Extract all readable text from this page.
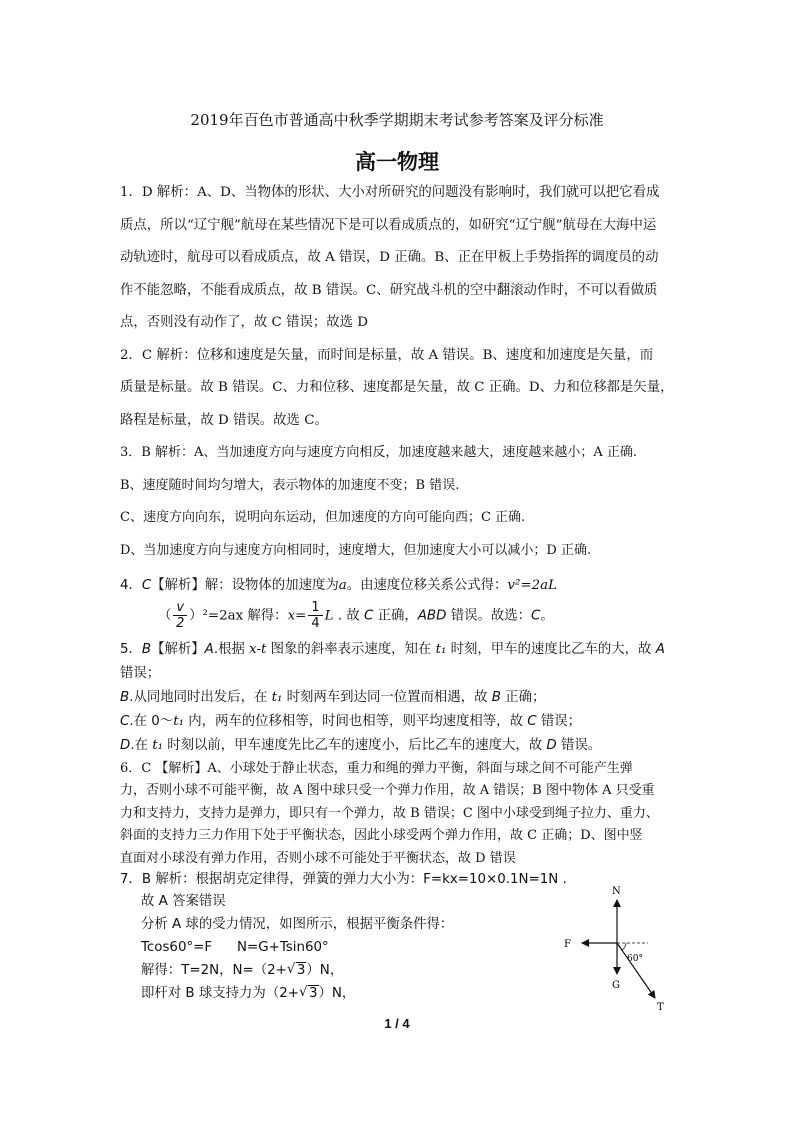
2019年百色市普通高中秋季学期期末考试参考答案及评分标准
高一物理
1．D 解析：A、D、当物体的形状、大小对所研究的问题没有影响时，我们就可以把它看成
质点，所以“辽宁舰”航母在某些情况下是可以看成质点的，如研究“辽宁舰”航母在大海中运
动轨迹时，航母可以看成质点，故 A 错误，D 正确。B、正在甲板上手势指挥的调度员的动
作不能忽略，不能看成质点，故 B 错误。C、研究战斗机的空中翻滚动作时，不可以看做质
点，否则没有动作了，故 C 错误；故选 D
2．C 解析：位移和速度是矢量，而时间是标量，故 A 错误。B、速度和加速度是矢量，而
质量是标量。故 B 错误。C、力和位移、速度都是矢量，故 C 正确。D、力和位移都是矢量，
路程是标量，故 D 错误。故选 C。
3．B 解析：A、当加速度方向与速度方向相反，加速度越来越大，速度越来越小；A 正确.
B、速度随时间均匀增大，表示物体的加速度不变；B 错误.
C、速度方向向东，说明向东运动，但加速度的方向可能向西；C 正确.
D、当加速度方向与速度方向相同时，速度增大，但加速度大小可以减小；D 正确.
4．C【解析】解：设物体的加速度为a。由速度位移关系公式得：v²=2aL
（ $\frac{v}{2} )^2=2ax$ 解得：$x= \frac{1}{4}$ L . 故 C 正确，ABD 错误。故选：C。
5．B【解析】A.根据 x-t 图象的斜率表示速度，知在 t₁ 时刻，甲车的速度比乙车的大，故 A
错误；
B.从同地同时出发后，在 t₁ 时刻两车到达同一位置而相遇，故 B 正确；
C.在 0～t₁ 内，两车的位移相等，时间也相等，则平均速度相等，故 C 错误；
D.在 t₁ 时刻以前，甲车速度先比乙车的速度小，后比乙车的速度大，故 D 错误。
6．C 【解析】A、小球处于静止状态，重力和绳的弹力平衡，斜面与球之间不可能产生弹
力，否则小球不可能平衡，故 A 图中球只受一个弹力作用，故 A 错误；B 图中物体 A 只受重
力和支持力，支持力是弹力，即只有一个弹力，故 B 错误；C 图中小球受到绳子拉力、重力、
斜面的支持力三力作用下处于平衡状态，因此小球受两个弹力作用，故 C 正确；D、图中竖
直面对小球没有弹力作用，否则小球不可能处于平衡状态，故 D 错误
7．B 解析：根据胡克定律得，弹簧的弹力大小为：F=kx=10×0.1N=1N .
故 A 答案错误
分析 A 球的受力情况，如图所示，根据平衡条件得：
Tcos60°=F N=G+Tsin60°
解得：T=2N，N=（2+ √ 3）N，
即杆对 B 球支持力为（2+ √ 3）N，
N
F
60°
G
T
1 / 4
